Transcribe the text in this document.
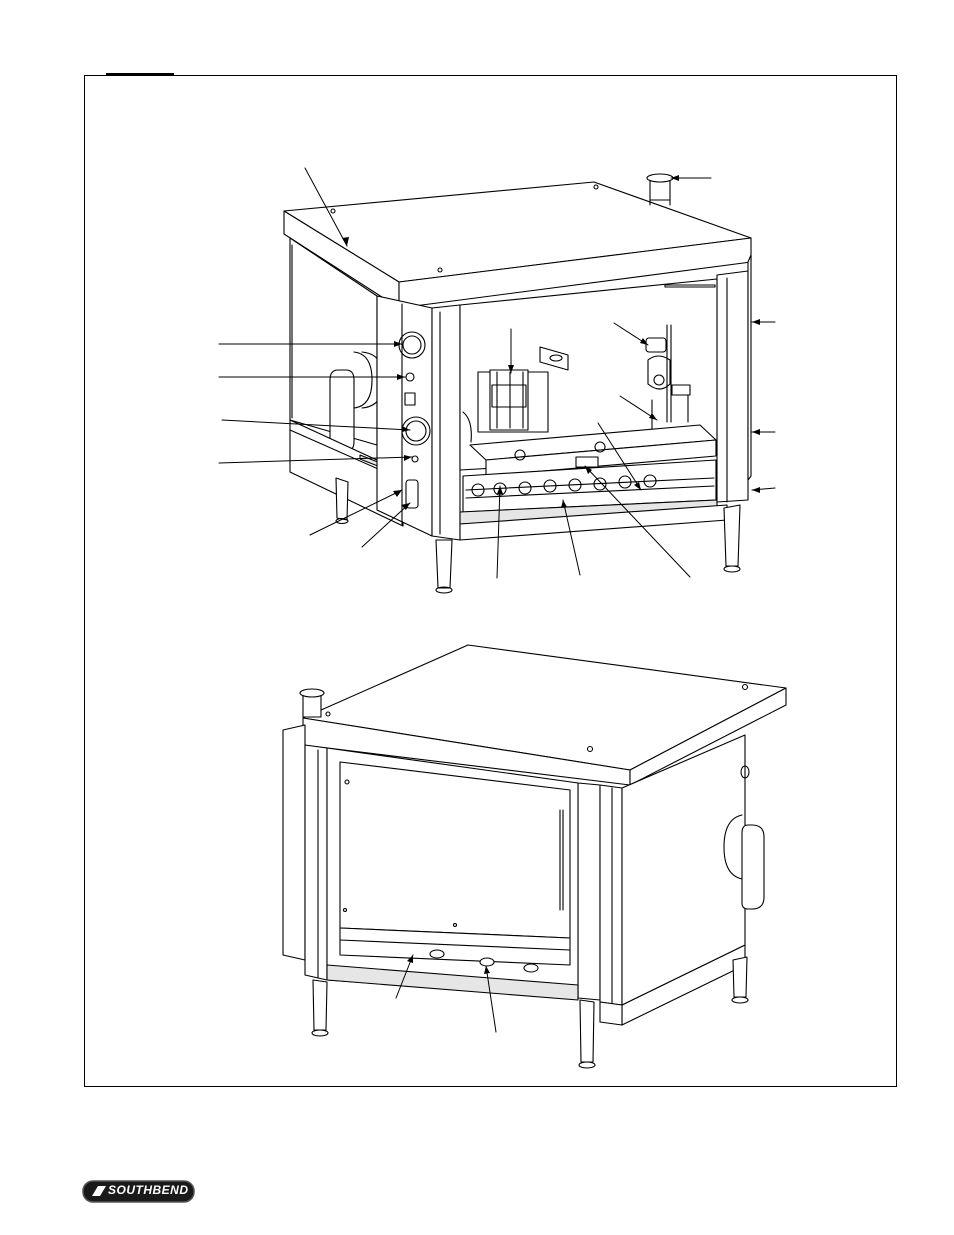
SOUTHBEND
